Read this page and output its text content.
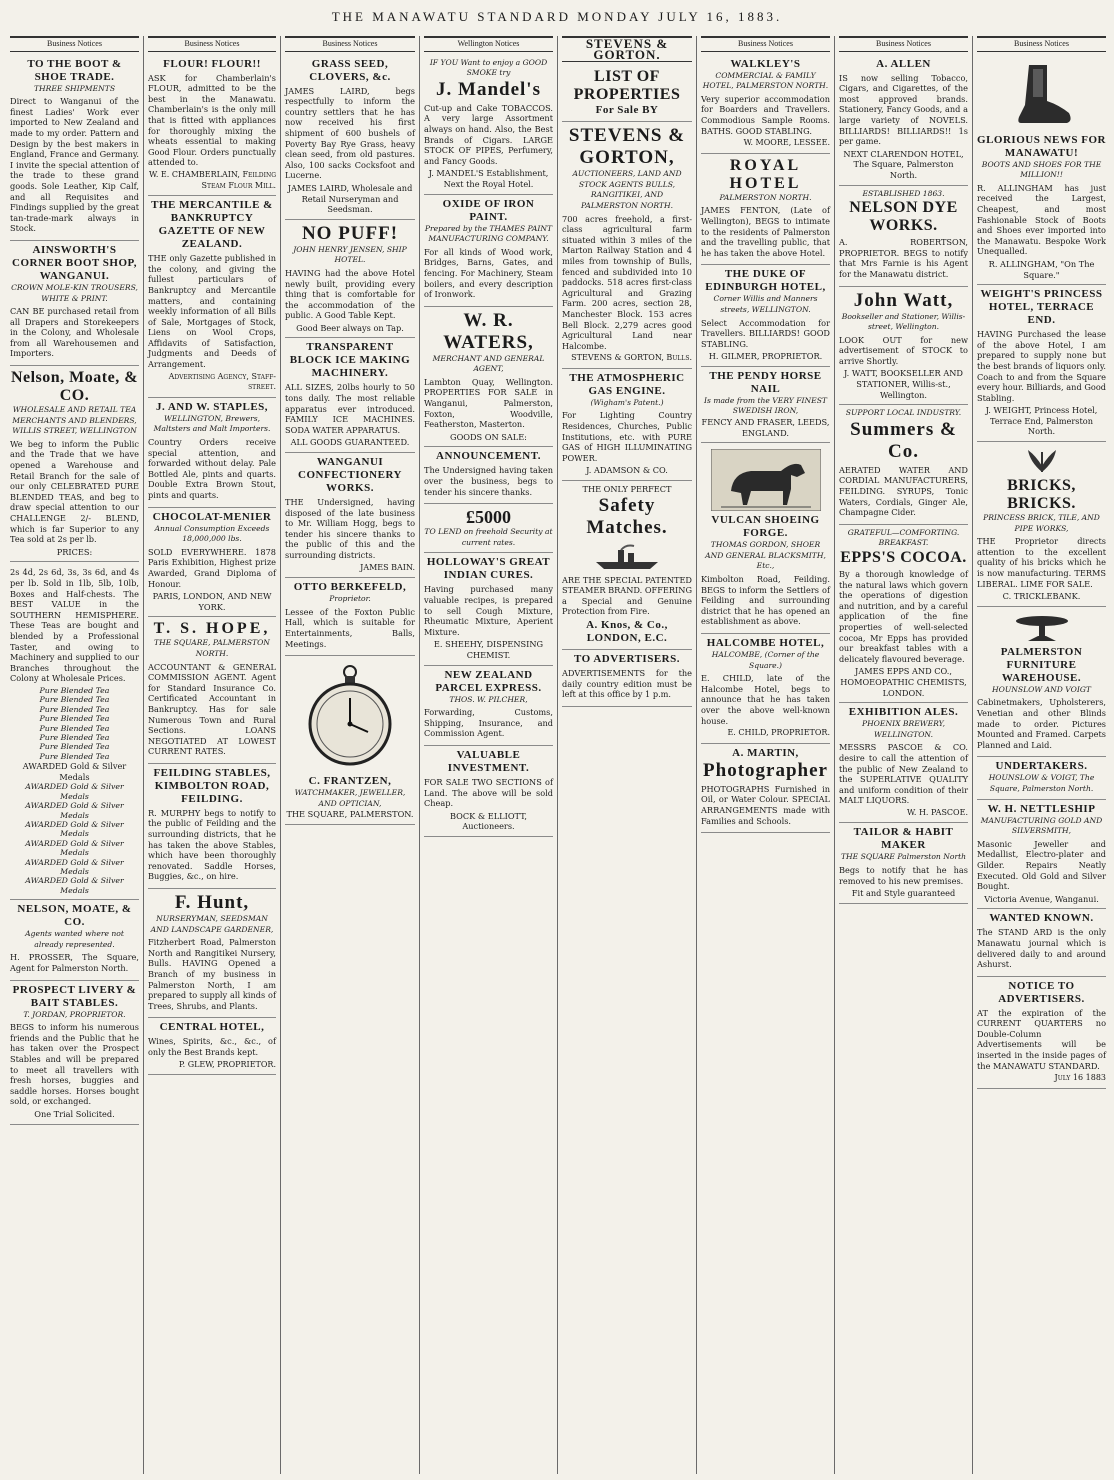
THE MANAWATU STANDARD MONDAY JULY 16, 1883.
Business Notices
TO THE BOOT & SHOE TRADE.
THREE SHIPMENTS
Direct to Wanganui of the finest Ladies' Work ever imported to New Zealand and made to my order. Pattern and Design by the best makers in England, France and Germany. I invite the special attention of the trade to these grand goods. Sole Leather, Kip Calf, and all Requisites and Findings supplied by the great tan-trade-mark always in Stock.
AINSWORTH'S CORNER BOOT SHOP, WANGANUI.
CROWN MOLE-KIN TROUSERS, WHITE & PRINT.
CAN BE purchased retail from all Drapers and Storekeepers in the Colony, and Wholesale from all Warehousemen and Importers.
Nelson, Moate, & CO.
WHOLESALE AND RETAIL TEA MERCHANTS AND BLENDERS, WILLIS STREET, WELLINGTON
We beg to inform the Public and the Trade that we have opened a Warehouse and Retail Branch for the sale of our only CELEBRATED PURE BLENDED TEAS, and beg to draw special attention to our CHALLENGE 2/- BLEND, which is far Superior to any Tea sold at 2s per lb.
PRICES:
2s 4d, 2s 6d, 3s, 3s 6d, and 4s per lb. Sold in 1lb, 5lb, 10lb, Boxes and Half-chests. The BEST VALUE in the SOUTHERN HEMISPHERE. These Teas are bought and blended by a Professional Taster, and owing to Machinery and supplied to our Branches throughout the Colony at Wholesale Prices.
Pure Blended Tea
Pure Blended Tea
Pure Blended Tea
Pure Blended Tea
Pure Blended Tea
Pure Blended Tea
Pure Blended Tea
Pure Blended Tea
AWARDED Gold & Silver Medals
AWARDED Gold & Silver Medals
AWARDED Gold & Silver Medals
AWARDED Gold & Silver Medals
AWARDED Gold & Silver Medals
AWARDED Gold & Silver Medals
AWARDED Gold & Silver Medals
NELSON, MOATE, & CO.
Agents wanted where not already represented.
H. PROSSER, The Square, Agent for Palmerston North.
PROSPECT LIVERY & BAIT STABLES.
T. JORDAN, PROPRIETOR.
BEGS to inform his numerous friends and the Public that he has taken over the Prospect Stables and will be prepared to meet all travellers with fresh horses, buggies and saddle horses. Horses bought sold, or exchanged.
One Trial Solicited.
Business Notices
FLOUR! FLOUR!!
ASK for Chamberlain's FLOUR, admitted to be the best in the Manawatu. Chamberlain's is the only mill that is fitted with appliances for thoroughly mixing the wheats essential to making Good Flour. Orders punctually attended to.
W. E. CHAMBERLAIN, Feilding Steam Flour Mill.
THE MERCANTILE & BANKRUPTCY GAZETTE OF NEW ZEALAND.
THE only Gazette published in the colony, and giving the fullest particulars of Bankruptcy and Mercantile matters, and containing weekly information of all Bills of Sale, Mortgages of Stock, Liens on Wool Crops, Affidavits of Satisfaction, Judgments and Deeds of Arrangement.
Advertising Agency, Staff-street.
J. AND W. STAPLES,
WELLINGTON, Brewers, Maltsters and Malt Importers.
Country Orders receive special attention, and forwarded without delay. Pale Bottled Ale, pints and quarts. Double Extra Brown Stout, pints and quarts.
CHOCOLAT-MENIER
Annual Consumption Exceeds 18,000,000 lbs.
SOLD EVERYWHERE. 1878 Paris Exhibition, Highest prize Awarded, Grand Diploma of Honour.
PARIS, LONDON, AND NEW YORK.
T. S. HOPE,
THE SQUARE, PALMERSTON NORTH.
ACCOUNTANT & GENERAL COMMISSION AGENT. Agent for Standard Insurance Co. Certificated Accountant in Bankruptcy. Has for sale Numerous Town and Rural Sections. LOANS NEGOTIATED AT LOWEST CURRENT RATES.
FEILDING STABLES, KIMBOLTON ROAD, FEILDING.
R. MURPHY begs to notify to the public of Feilding and the surrounding districts, that he has taken the above Stables, which have been thoroughly renovated. Saddle Horses, Buggies, &c., on hire.
F. Hunt,
NURSERYMAN, SEEDSMAN AND LANDSCAPE GARDENER,
Fitzherbert Road, Palmerston North and Rangitikei Nursery, Bulls. HAVING Opened a Branch of my business in Palmerston North, I am prepared to supply all kinds of Trees, Shrubs, and Plants.
CENTRAL HOTEL,
Wines, Spirits, &c., &c., of only the Best Brands kept.
P. GLEW, PROPRIETOR.
Business Notices
GRASS SEED, CLOVERS, &c.
JAMES LAIRD, begs respectfully to inform the country settlers that he has now received his first shipment of 600 bushels of Poverty Bay Rye Grass, heavy clean seed, from old pastures. Also, 100 sacks Cocksfoot and Lucerne.
JAMES LAIRD, Wholesale and Retail Nurseryman and Seedsman.
NO PUFF!
JOHN HENRY JENSEN, SHIP HOTEL.
HAVING had the above Hotel newly built, providing every thing that is comfortable for the accommodation of the public. A Good Table Kept.
Good Beer always on Tap.
TRANSPARENT BLOCK ICE MAKING MACHINERY.
ALL SIZES, 20lbs hourly to 50 tons daily. The most reliable apparatus ever introduced. FAMILY ICE MACHINES. SODA WATER APPARATUS.
ALL GOODS GUARANTEED.
WANGANUI CONFECTIONERY WORKS.
THE Undersigned, having disposed of the late business to Mr. William Hogg, begs to tender his sincere thanks to the public of this and the surrounding districts.
JAMES BAIN.
OTTO BERKEFELD,
Proprietor.
Lessee of the Foxton Public Hall, which is suitable for Entertainments, Balls, Meetings.
C. FRANTZEN,
WATCHMAKER, JEWELLER, AND OPTICIAN,
THE SQUARE, PALMERSTON.
Wellington Notices
IF YOU Want to enjoy a GOOD SMOKE try
J. Mandel's
Cut-up and Cake TOBACCOS. A very large Assortment always on hand. Also, the Best Brands of Cigars. LARGE STOCK OF PIPES, Perfumery, and Fancy Goods.
J. MANDEL'S Establishment, Next the Royal Hotel.
OXIDE OF IRON PAINT.
Prepared by the THAMES PAINT MANUFACTURING COMPANY.
For all kinds of Wood work, Bridges, Barns, Gates, and fencing. For Machinery, Steam boilers, and every description of Ironwork.
W. R. WATERS,
MERCHANT AND GENERAL AGENT,
Lambton Quay, Wellington. PROPERTIES FOR SALE in Wanganui, Palmerston, Foxton, Woodville, Featherston, Masterton.
GOODS ON SALE:
ANNOUNCEMENT.
The Undersigned having taken over the business, begs to tender his sincere thanks.
£5000
TO LEND on freehold Security at current rates.
HOLLOWAY'S GREAT INDIAN CURES.
Having purchased many valuable recipes, is prepared to sell Cough Mixture, Rheumatic Mixture, Aperient Mixture.
E. SHEEHY, DISPENSING CHEMIST.
NEW ZEALAND PARCEL EXPRESS.
THOS. W. PILCHER,
Forwarding, Customs, Shipping, Insurance, and Commission Agent.
VALUABLE INVESTMENT.
FOR SALE TWO SECTIONS of Land. The above will be sold Cheap.
BOCK & ELLIOTT, Auctioneers.
STEVENS & GORTON.
LIST OF PROPERTIES
For Sale BY
STEVENS & GORTON,
AUCTIONEERS, LAND AND STOCK AGENTS BULLS, RANGITIKEI, AND PALMERSTON NORTH.
700 acres freehold, a first-class agricultural farm situated within 3 miles of the Marton Railway Station and 4 miles from township of Bulls, fenced and subdivided into 10 paddocks. 518 acres first-class Agricultural and Grazing Farm. 200 acres, section 28, Manchester Block. 153 acres Bell Block. 2,279 acres good Agricultural Land near Halcombe.
STEVENS & GORTON, Bulls.
THE ATMOSPHERIC GAS ENGINE.
(Wigham's Patent.)
For Lighting Country Residences, Churches, Public Institutions, etc. with PURE GAS of HIGH ILLUMINATING POWER.
J. ADAMSON & CO.
THE ONLY PERFECT
Safety Matches.
ARE THE SPECIAL PATENTED STEAMER BRAND. OFFERING a Special and Genuine Protection from Fire.
A. Knos, & Co., LONDON, E.C.
TO ADVERTISERS.
ADVERTISEMENTS for the daily country edition must be left at this office by 1 p.m.
Business Notices
WALKLEY'S
COMMERCIAL & FAMILY HOTEL, PALMERSTON NORTH.
Very superior accommodation for Boarders and Travellers. Commodious Sample Rooms. BATHS. GOOD STABLING.
W. MOORE, LESSEE.
ROYAL HOTEL
PALMERSTON NORTH.
JAMES FENTON, (Late of Wellington), BEGS to intimate to the residents of Palmerston and the travelling public, that he has taken the above Hotel.
THE DUKE OF EDINBURGH HOTEL,
Corner Willis and Manners streets, WELLINGTON.
Select Accommodation for Travellers. BILLIARDS! GOOD STABLING.
H. GILMER, PROPRIETOR.
THE PENDY HORSE NAIL
Is made from the VERY FINEST SWEDISH IRON,
FENCY AND FRASER, LEEDS, ENGLAND.
VULCAN SHOEING FORGE.
THOMAS GORDON, SHOER AND GENERAL BLACKSMITH, Etc.,
Kimbolton Road, Feilding. BEGS to inform the Settlers of Feilding and surrounding district that he has opened an establishment as above.
HALCOMBE HOTEL,
HALCOMBE, (Corner of the Square.)
E. CHILD, late of the Halcombe Hotel, begs to announce that he has taken over the above well-known house.
E. CHILD, PROPRIETOR.
A. MARTIN,
Photographer
PHOTOGRAPHS Furnished in Oil, or Water Colour. SPECIAL ARRANGEMENTS made with Families and Schools.
Business Notices
A. ALLEN
IS now selling Tobacco, Cigars, and Cigarettes, of the most approved brands. Stationery, Fancy Goods, and a large variety of NOVELS. BILLIARDS! BILLIARDS!! 1s per game.
NEXT CLARENDON HOTEL, The Square, Palmerston North.
ESTABLISHED 1863.
NELSON DYE WORKS.
A. ROBERTSON, PROPRIETOR. BEGS to notify that Mrs Farnie is his Agent for the Manawatu district.
John Watt,
Bookseller and Stationer, Willis-street, Wellington.
LOOK OUT for new advertisement of STOCK to arrive Shortly.
J. WATT, BOOKSELLER AND STATIONER, Willis-st., Wellington.
SUPPORT LOCAL INDUSTRY.
Summers & Co.
AERATED WATER AND CORDIAL MANUFACTURERS, FEILDING. SYRUPS, Tonic Waters, Cordials, Ginger Ale, Champagne Cider.
GRATEFUL—COMFORTING. BREAKFAST.
EPPS'S COCOA.
By a thorough knowledge of the natural laws which govern the operations of digestion and nutrition, and by a careful application of the fine properties of well-selected cocoa, Mr Epps has provided our breakfast tables with a delicately flavoured beverage.
JAMES EPPS AND CO., HOMOEOPATHIC CHEMISTS, LONDON.
EXHIBITION ALES.
PHOENIX BREWERY, WELLINGTON.
MESSRS PASCOE & CO. desire to call the attention of the public of New Zealand to the SUPERLATIVE QUALITY and uniform condition of their MALT LIQUORS.
W. H. PASCOE.
TAILOR & HABIT MAKER
THE SQUARE Palmerston North
Begs to notify that he has removed to his new premises.
Fit and Style guaranteed
Business Notices
GLORIOUS NEWS FOR MANAWATU!
BOOTS AND SHOES FOR THE MILLION!!
R. ALLINGHAM has just received the Largest, Cheapest, and most Fashionable Stock of Boots and Shoes ever imported into the Manawatu. Bespoke Work Unequalled.
R. ALLINGHAM, "On The Square."
WEIGHT'S PRINCESS HOTEL, TERRACE END.
HAVING Purchased the lease of the above Hotel, I am prepared to supply none but the best brands of liquors only. Coach to and from the Square every hour. Billiards, and Good Stabling.
J. WEIGHT, Princess Hotel, Terrace End, Palmerston North.
BRICKS, BRICKS.
PRINCESS BRICK, TILE, AND PIPE WORKS,
THE Proprietor directs attention to the excellent quality of his bricks which he is now manufacturing. TERMS LIBERAL. LIME FOR SALE.
C. TRICKLEBANK.
PALMERSTON FURNITURE WAREHOUSE.
HOUNSLOW AND VOIGT
Cabinetmakers, Upholsterers, Venetian and other Blinds made to order. Pictures Mounted and Framed. Carpets Planned and Laid.
UNDERTAKERS.
HOUNSLOW & VOIGT, The Square, Palmerston North.
W. H. NETTLESHIP
MANUFACTURING GOLD AND SILVERSMITH,
Masonic Jeweller and Medallist, Electro-plater and Gilder. Repairs Neatly Executed. Old Gold and Silver Bought.
Victoria Avenue, Wanganui.
WANTED KNOWN.
The STAND ARD is the only Manawatu journal which is delivered daily to and around Ashurst.
NOTICE TO ADVERTISERS.
AT the expiration of the CURRENT QUARTERS no Double-Column Advertisements will be inserted in the inside pages of the MANAWATU STANDARD.
July 16 1883
